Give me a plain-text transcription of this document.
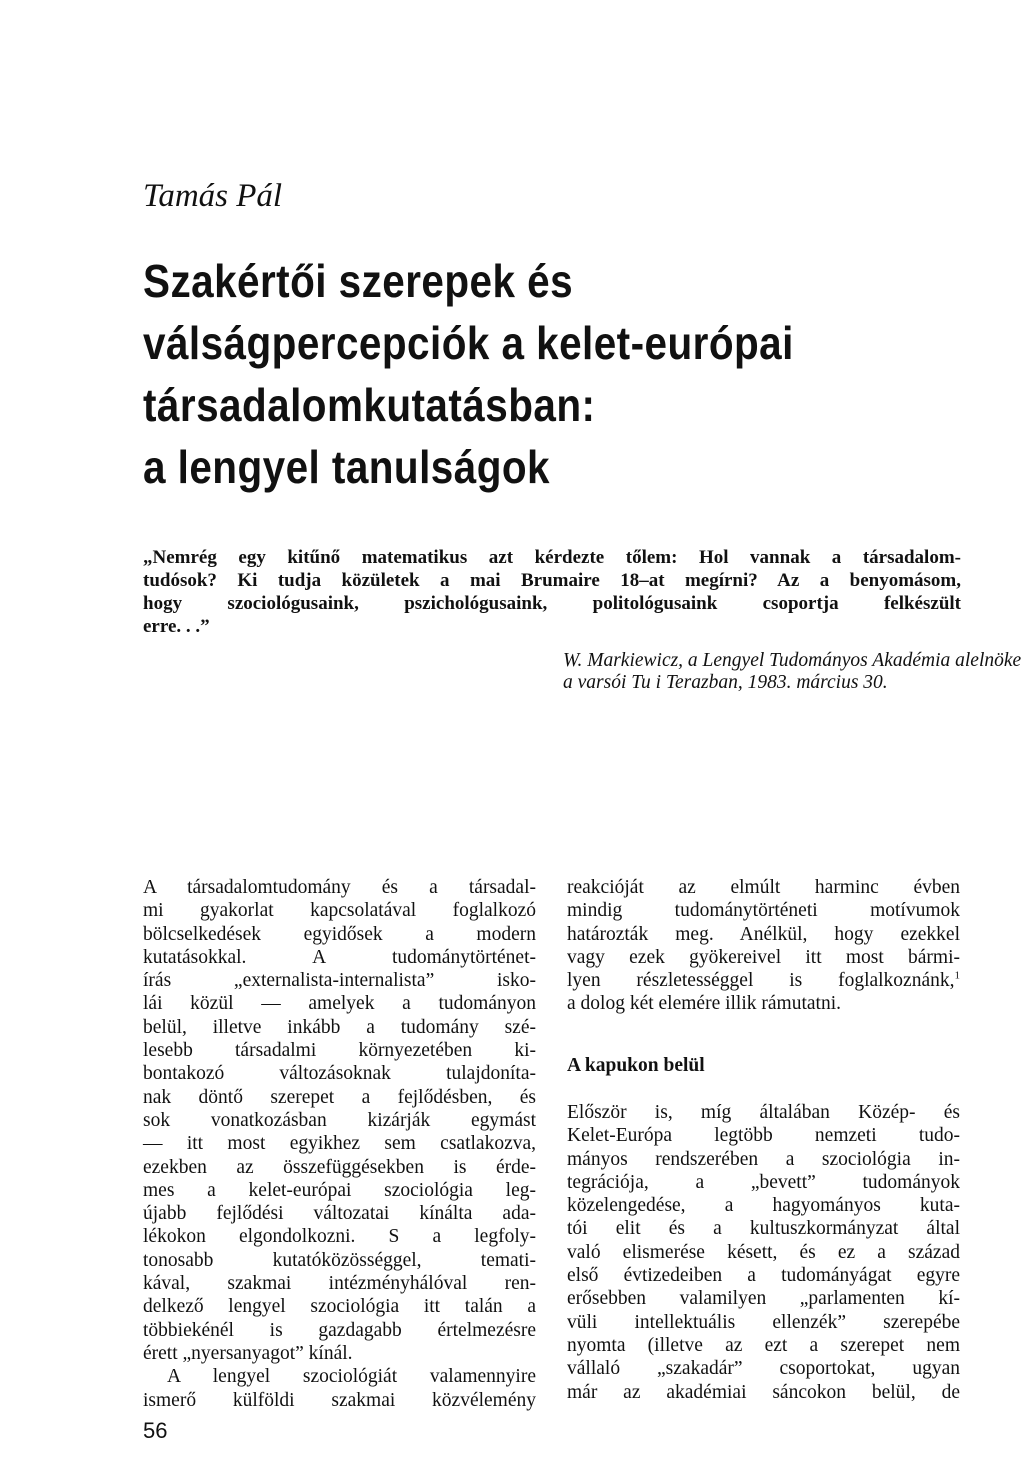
Tamás Pál
Szakértői szerepek és
válságpercepciók a kelet-európai
társadalomkutatásban:
a lengyel tanulságok
„Nemrég egy kitűnő matematikus azt kérdezte tőlem: Hol vannak a társadalom-
tudósok? Ki tudja közületek a mai Brumaire 18–at megírni? Az a benyomásom,
hogy szociológusaink, pszichológusaink, politológusaink csoportja felkészült
erre. . .”
W. Markiewicz, a Lengyel Tudományos Akadémia alelnöke
a varsói Tu i Terazban, 1983. március 30.
A társadalomtudomány és a társadal-
mi gyakorlat kapcsolatával foglalkozó
bölcselkedések egyidősek a modern
kutatásokkal. A tudománytörténet-
írás „externalista-internalista” isko-
lái közül — amelyek a tudományon
belül, illetve inkább a tudomány szé-
lesebb társadalmi környezetében ki-
bontakozó változásoknak tulajdoníta-
nak döntő szerepet a fejlődésben, és
sok vonatkozásban kizárják egymást
— itt most egyikhez sem csatlakozva,
ezekben az összefüggésekben is érde-
mes a kelet-európai szociológia leg-
újabb fejlődési változatai kínálta ada-
lékokon elgondolkozni. S a legfoly-
tonosabb kutatóközösséggel, temati-
kával, szakmai intézményhálóval ren-
delkező lengyel szociológia itt talán a
többiekénél is gazdagabb értelmezésre
érett „nyersanyagot” kínál.
A lengyel szociológiát valamennyire
ismerő külföldi szakmai közvélemény
reakcióját az elmúlt harminc évben
mindig tudománytörténeti motívumok
határozták meg. Anélkül, hogy ezekkel
vagy ezek gyökereivel itt most bármi-
lyen részletességgel is foglalkoznánk,$^1$
a dolog két elemére illik rámutatni.
A kapukon belül
Először is, míg általában Közép- és
Kelet-Európa legtöbb nemzeti tudo-
mányos rendszerében a szociológia in-
tegrációja, a „bevett” tudományok
közelengedése, a hagyományos kuta-
tói elit és a kultuszkormányzat által
való elismerése késett, és ez a század
első évtizedeiben a tudományágat egyre
erősebben valamilyen „parlamenten kí-
vüli intellektuális ellenzék” szerepébe
nyomta (illetve az ezt a szerepet nem
vállaló „szakadár” csoportokat, ugyan
már az akadémiai sáncokon belül, de
56
